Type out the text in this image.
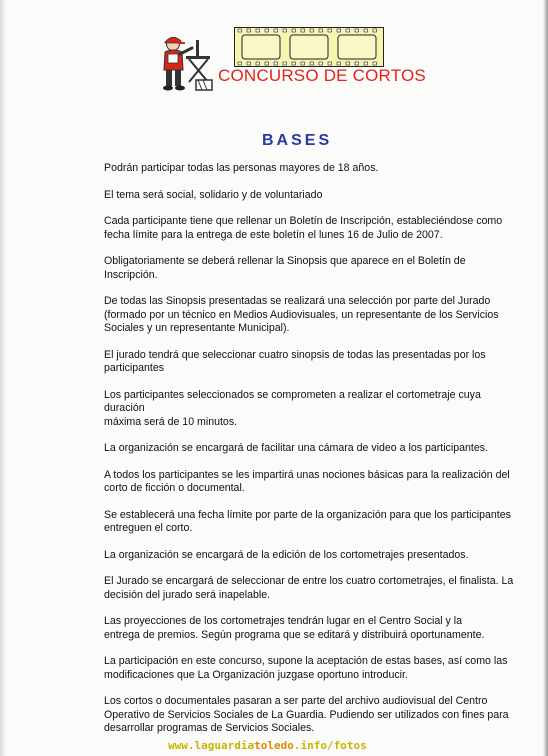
CONCURSO DE CORTOS
BASES

Podrán participar todas las personas mayores de 18 años.

El tema será social, solidario y de voluntariado

Cada participante tiene que rellenar un Boletín de Inscripción, estableciéndose como
fecha límite para la entrega de este boletín el lunes 16 de Julio de 2007.

Obligatoriamente se deberá rellenar la Sinopsis que aparece en el Boletín de
Inscripción.

De todas las Sinopsis presentadas se realizará una selección por parte del Jurado
(formado por un técnico en Medios Audiovisuales, un representante de los Servicios
Sociales y un representante Municipal).

El jurado tendrá que seleccionar cuatro sinopsis de todas las presentadas por los
participantes

Los participantes seleccionados se comprometen a realizar el cortometraje cuya duración
máxima será de 10 minutos.

La organización se encargará de facilitar una cámara de video a los participantes.

A todos los participantes se les impartirá unas nociones básicas para la realización del
corto de ficción o documental.

Se establecerá una fecha límite por parte de la organización para que los participantes
entreguen el corto.

La organización se encargará de la edición de los cortometrajes presentados.

El Jurado se encargará de seleccionar de entre los cuatro cortometrajes, el finalista. La
decisión del jurado será inapelable.

Las proyecciones de los cortometrajes tendrán lugar en el Centro Social y la
entrega de premios. Según programa que se editará y distribuirá oportunamente.

La participación en este concurso, supone la aceptación de estas bases, así como las
modificaciones que La Organización juzgase oportuno introducir.

Los cortos o documentales pasaran a ser parte del archivo audiovisual del Centro
Operativo de Servicios Sociales de La Guardia. Pudiendo ser utilizados con fines para
desarrollar programas de Servicios Sociales.

www.laguardiatoledo.info/fotos
